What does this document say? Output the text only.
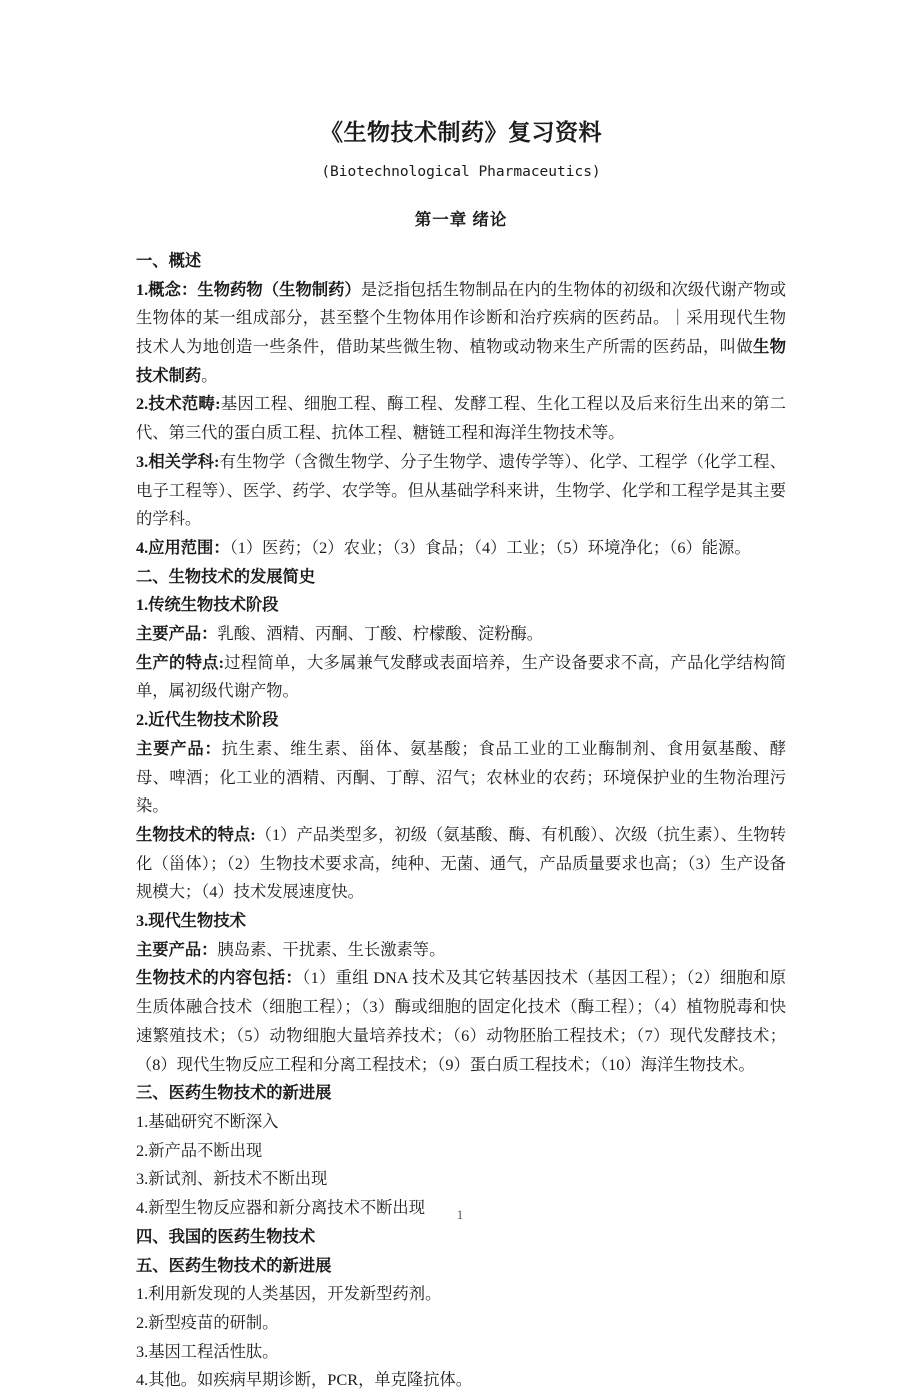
《生物技术制药》复习资料
(Biotechnological Pharmaceutics)
第一章 绪论

一、概述

1.概念：生物药物（生物制药）是泛指包括生物制品在内的生物体的初级和次级代谢产物或生物体的某一组成部分，甚至整个生物体用作诊断和治疗疾病的医药品。｜采用现代生物技术人为地创造一些条件，借助某些微生物、植物或动物来生产所需的医药品，叫做生物技术制药。

2.技术范畴:基因工程、细胞工程、酶工程、发酵工程、生化工程以及后来衍生出来的第二代、第三代的蛋白质工程、抗体工程、糖链工程和海洋生物技术等。

3.相关学科:有生物学（含微生物学、分子生物学、遗传学等）、化学、工程学（化学工程、电子工程等）、医学、药学、农学等。但从基础学科来讲，生物学、化学和工程学是其主要的学科。

4.应用范围：（1）医药；（2）农业；（3）食品；（4）工业；（5）环境净化；（6）能源。

二、生物技术的发展简史

1.传统生物技术阶段

主要产品：乳酸、酒精、丙酮、丁酸、柠檬酸、淀粉酶。

生产的特点:过程简单，大多属兼气发酵或表面培养，生产设备要求不高，产品化学结构简单，属初级代谢产物。

2.近代生物技术阶段

主要产品：抗生素、维生素、甾体、氨基酸；食品工业的工业酶制剂、食用氨基酸、酵母、啤酒；化工业的酒精、丙酮、丁醇、沼气；农林业的农药；环境保护业的生物治理污染。

生物技术的特点:（1）产品类型多，初级（氨基酸、酶、有机酸）、次级（抗生素）、生物转化（甾体）；（2）生物技术要求高，纯种、无菌、通气，产品质量要求也高；（3）生产设备规模大；（4）技术发展速度快。

3.现代生物技术

主要产品：胰岛素、干扰素、生长激素等。

生物技术的内容包括：（1）重组 DNA 技术及其它转基因技术（基因工程）；（2）细胞和原生质体融合技术（细胞工程）；（3）酶或细胞的固定化技术（酶工程）；（4）植物脱毒和快速繁殖技术；（5）动物细胞大量培养技术；（6）动物胚胎工程技术；（7）现代发酵技术；（8）现代生物反应工程和分离工程技术；（9）蛋白质工程技术；（10）海洋生物技术。

三、医药生物技术的新进展

1.基础研究不断深入

2.新产品不断出现

3.新试剂、新技术不断出现

4.新型生物反应器和新分离技术不断出现

四、我国的医药生物技术

五、医药生物技术的新进展

1.利用新发现的人类基因，开发新型药剂。

2.新型疫苗的研制。

3.基因工程活性肽。

4.其他。如疾病早期诊断，PCR，单克隆抗体。

1
